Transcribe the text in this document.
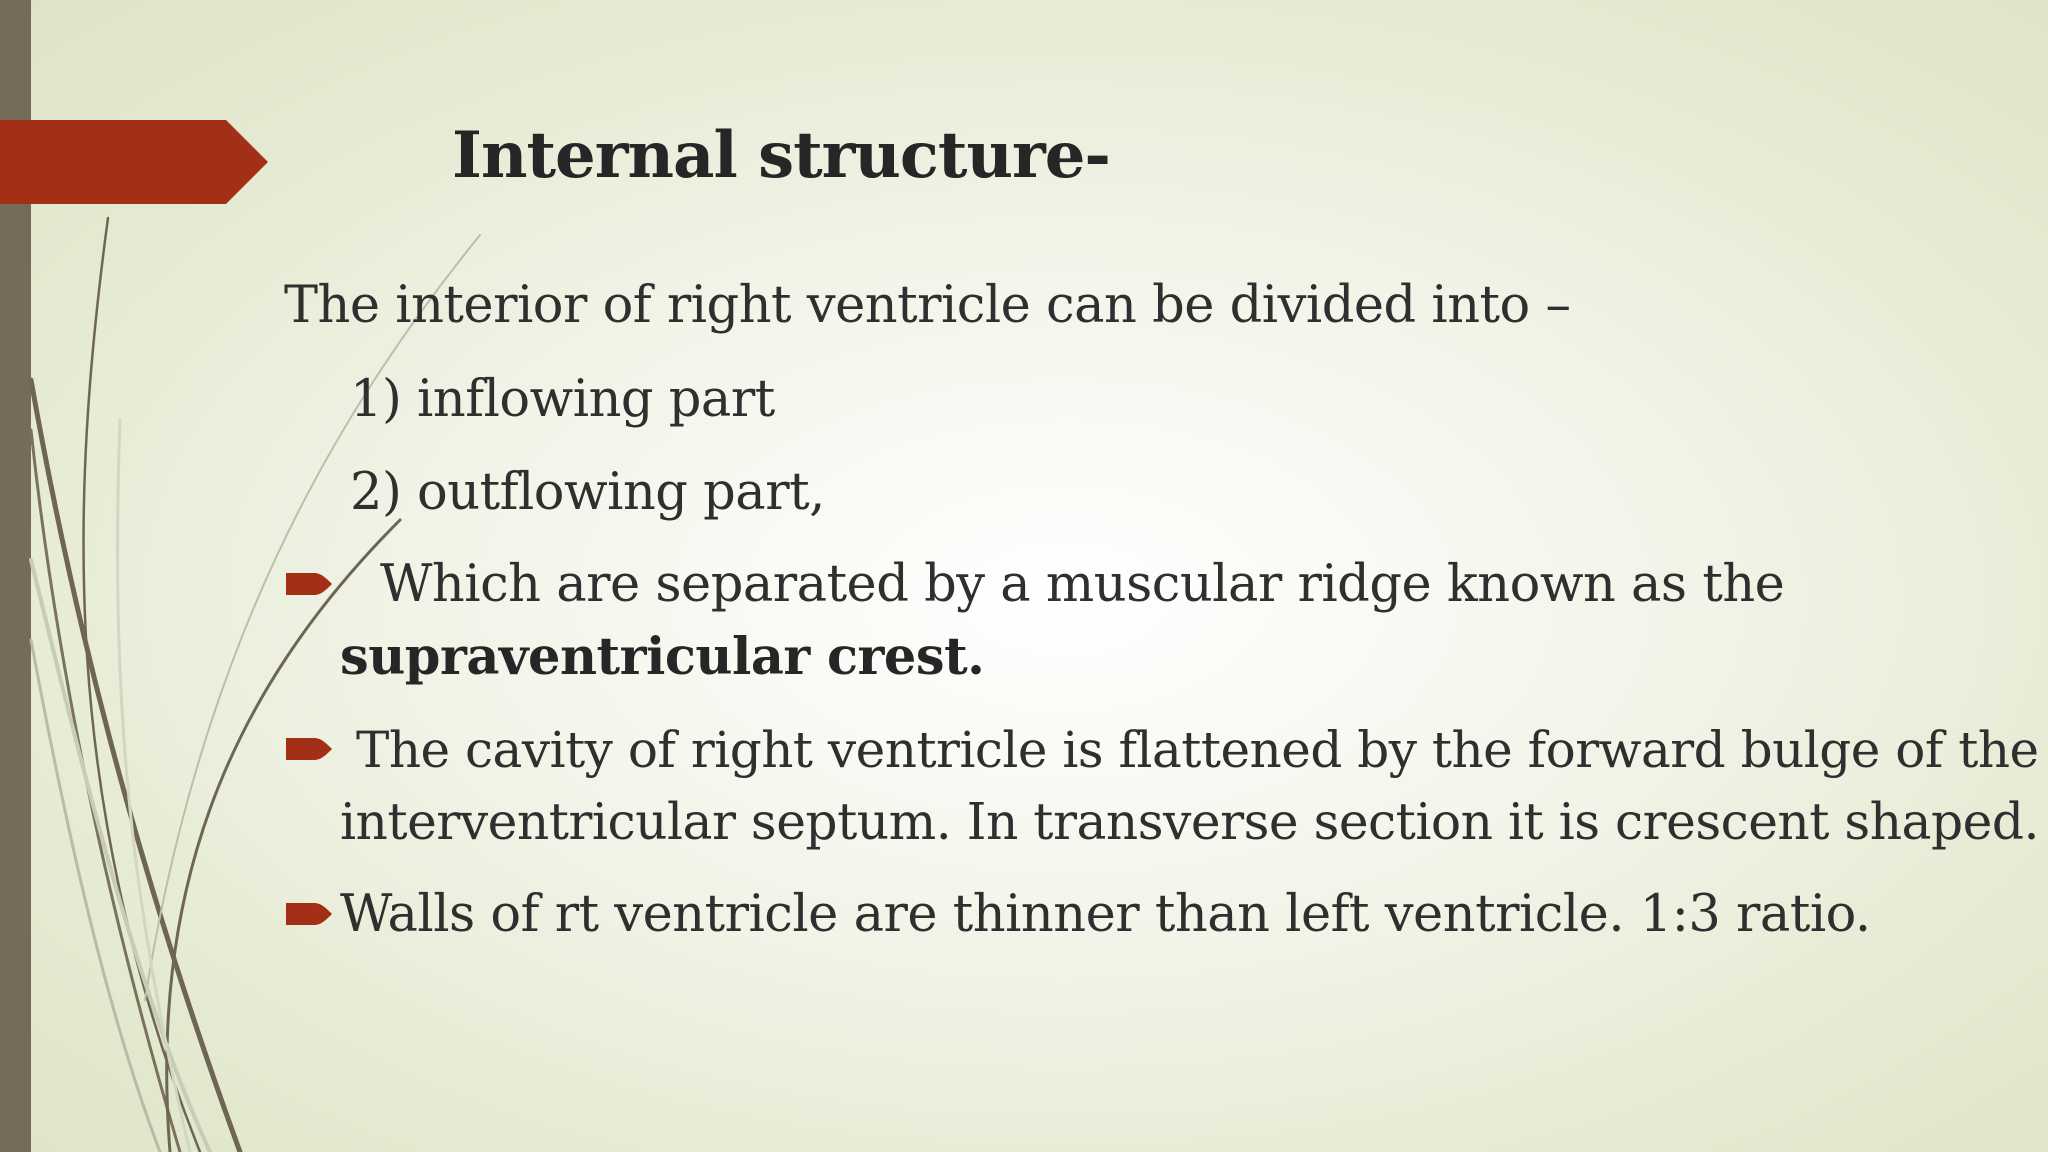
Internal structure-
The interior of right ventricle can be divided into –
1) inflowing part
2) outflowing part,
Which are separated by a muscular ridge known as the
supraventricular crest.
The cavity of right ventricle is flattened by the forward bulge of the
interventricular septum. In transverse section it is crescent shaped.
Walls of rt ventricle are thinner than left ventricle. 1:3 ratio.
